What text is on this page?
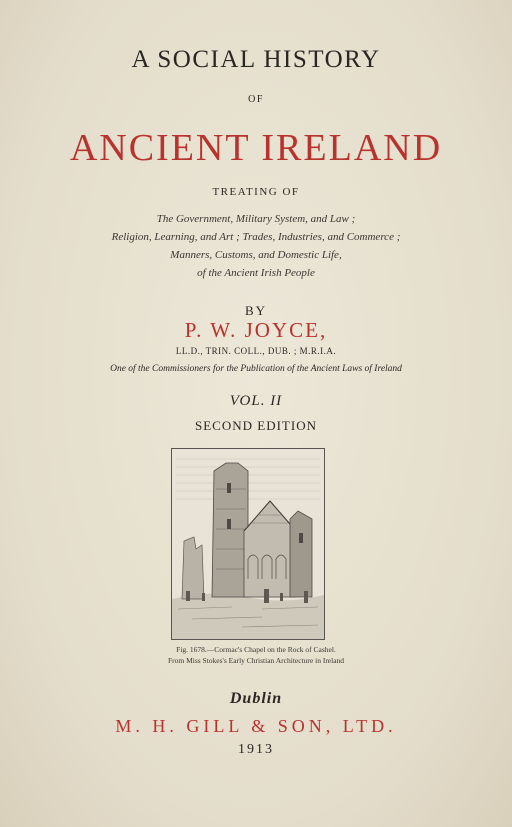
A SOCIAL HISTORY
OF
ANCIENT IRELAND
TREATING OF
The Government, Military System, and Law ;
Religion, Learning, and Art ; Trades, Industries, and Commerce ;
Manners, Customs, and Domestic Life,
of the Ancient Irish People
BY
P. W. JOYCE,
LL.D., TRIN. COLL., DUB. ; M.R.I.A.
One of the Commissioners for the Publication of the Ancient Laws of Ireland
VOL. II
SECOND EDITION
Fig. 1678.—Cormac's Chapel on the Rock of Cashel.
From Miss Stokes's Early Christian Architecture in Ireland
Dublin
M. H. GILL & SON, LTD.
1913
